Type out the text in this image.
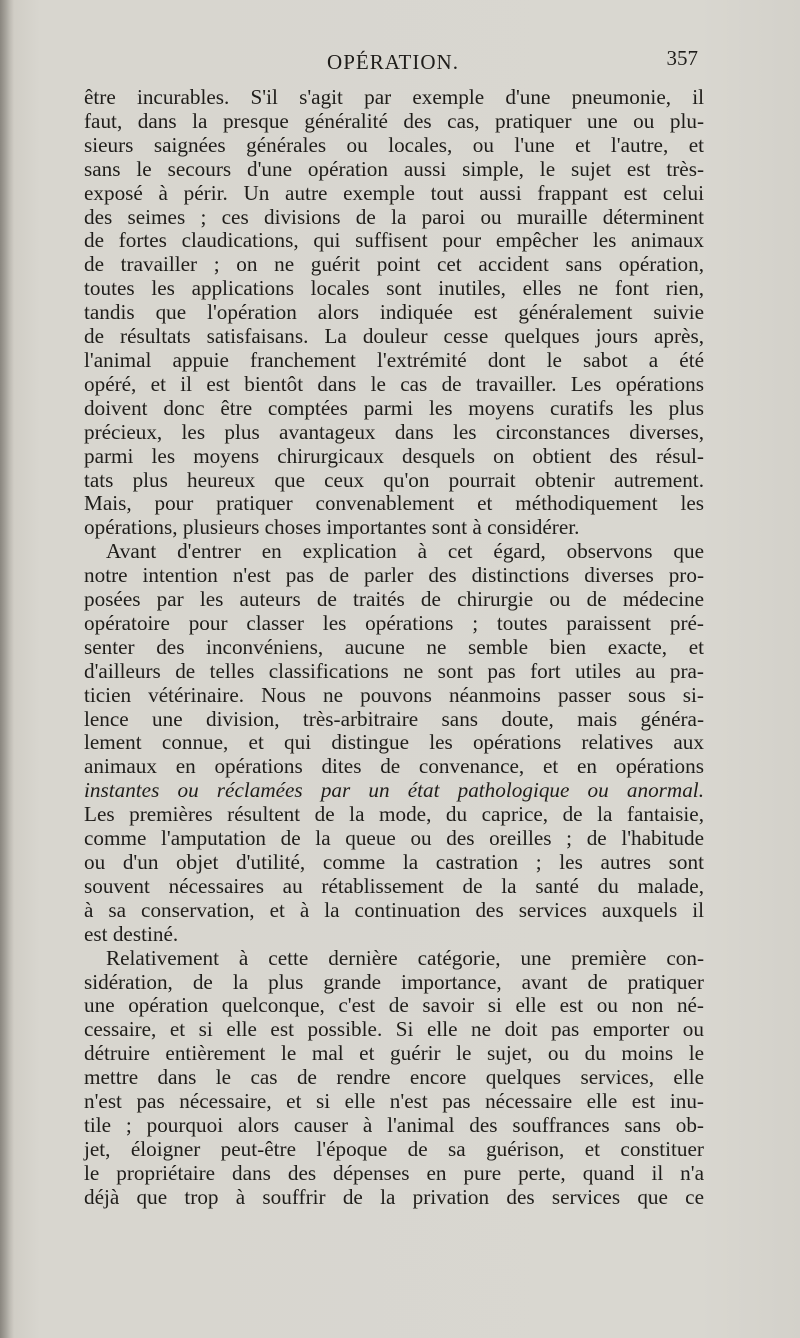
OPÉRATION.	357
être incurables. S'il s'agit par exemple d'une pneumonie, il
faut, dans la presque généralité des cas, pratiquer une ou plu-
sieurs saignées générales ou locales, ou l'une et l'autre, et
sans le secours d'une opération aussi simple, le sujet est très-
exposé à périr. Un autre exemple tout aussi frappant est celui
des seimes ; ces divisions de la paroi ou muraille déterminent
de fortes claudications, qui suffisent pour empêcher les animaux
de travailler ; on ne guérit point cet accident sans opération,
toutes les applications locales sont inutiles, elles ne font rien,
tandis que l'opération alors indiquée est généralement suivie
de résultats satisfaisans. La douleur cesse quelques jours après,
l'animal appuie franchement l'extrémité dont le sabot a été
opéré, et il est bientôt dans le cas de travailler. Les opérations
doivent donc être comptées parmi les moyens curatifs les plus
précieux, les plus avantageux dans les circonstances diverses,
parmi les moyens chirurgicaux desquels on obtient des résul-
tats plus heureux que ceux qu'on pourrait obtenir autrement.
Mais, pour pratiquer convenablement et méthodiquement les
opérations, plusieurs choses importantes sont à considérer.
Avant d'entrer en explication à cet égard, observons que
notre intention n'est pas de parler des distinctions diverses pro-
posées par les auteurs de traités de chirurgie ou de médecine
opératoire pour classer les opérations ; toutes paraissent pré-
senter des inconvéniens, aucune ne semble bien exacte, et
d'ailleurs de telles classifications ne sont pas fort utiles au pra-
ticien vétérinaire. Nous ne pouvons néanmoins passer sous si-
lence une division, très-arbitraire sans doute, mais généra-
lement connue, et qui distingue les opérations relatives aux
animaux en opérations dites de convenance, et en opérations
instantes ou réclamées par un état pathologique ou anormal.
Les premières résultent de la mode, du caprice, de la fantaisie,
comme l'amputation de la queue ou des oreilles ; de l'habitude
ou d'un objet d'utilité, comme la castration ; les autres sont
souvent nécessaires au rétablissement de la santé du malade,
à sa conservation, et à la continuation des services auxquels il
est destiné.
Relativement à cette dernière catégorie, une première con-
sidération, de la plus grande importance, avant de pratiquer
une opération quelconque, c'est de savoir si elle est ou non né-
cessaire, et si elle est possible. Si elle ne doit pas emporter ou
détruire entièrement le mal et guérir le sujet, ou du moins le
mettre dans le cas de rendre encore quelques services, elle
n'est pas nécessaire, et si elle n'est pas nécessaire elle est inu-
tile ; pourquoi alors causer à l'animal des souffrances sans ob-
jet, éloigner peut-être l'époque de sa guérison, et constituer
le propriétaire dans des dépenses en pure perte, quand il n'a
déjà que trop à souffrir de la privation des services que ce
